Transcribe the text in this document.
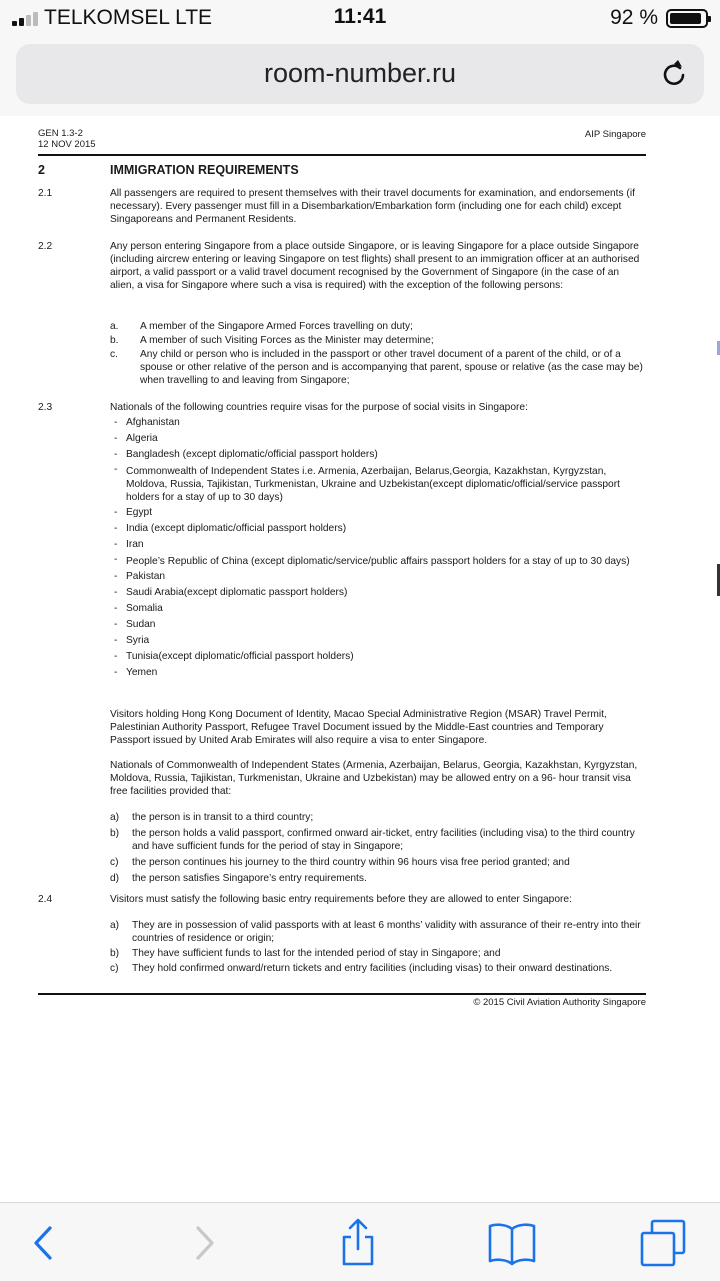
TELKOMSEL LTE	11:41	92 %
room-number.ru
GEN 1.3-2
12 NOV 2015
AIP Singapore
2	IMMIGRATION REQUIREMENTS
2.1	All passengers are required to present themselves with their travel documents for examination, and endorsements (if necessary). Every passenger must fill in a Disembarkation/Embarkation form (including one for each child) except Singaporeans and Permanent Residents.
2.2	Any person entering Singapore from a place outside Singapore, or is leaving Singapore for a place outside Singapore (including aircrew entering or leaving Singapore on test flights) shall present to an immigration officer at an authorised airport, a valid passport or a valid travel document recognised by the Government of Singapore (in the case of an alien, a visa for Singapore where such a visa is required) with the exception of the following persons:
a. A member of the Singapore Armed Forces travelling on duty;
b. A member of such Visiting Forces as the Minister may determine;
c. Any child or person who is included in the passport or other travel document of a parent of the child, or of a spouse or other relative of the person and is accompanying that parent, spouse or relative (as the case may be) when travelling to and leaving from Singapore;
2.3	Nationals of the following countries require visas for the purpose of social visits in Singapore:
- Afghanistan
- Algeria
- Bangladesh (except diplomatic/official passport holders)
- Commonwealth of Independent States i.e. Armenia, Azerbaijan, Belarus,Georgia, Kazakhstan, Kyrgyzstan, Moldova, Russia, Tajikistan, Turkmenistan, Ukraine and Uzbekistan(except diplomatic/official/service passport holders for a stay of up to 30 days)
- Egypt
- India (except diplomatic/official passport holders)
- Iran
- People’s Republic of China (except diplomatic/service/public affairs passport holders for a stay of up to 30 days)
- Pakistan
- Saudi Arabia(except diplomatic passport holders)
- Somalia
- Sudan
- Syria
- Tunisia(except diplomatic/official passport holders)
- Yemen
Visitors holding Hong Kong Document of Identity, Macao Special Administrative Region (MSAR) Travel Permit, Palestinian Authority Passport, Refugee Travel Document issued by the Middle-East countries and Temporary Passport issued by United Arab Emirates will also require a visa to enter Singapore.
Nationals of Commonwealth of Independent States (Armenia, Azerbaijan, Belarus, Georgia, Kazakhstan, Kyrgyzstan, Moldova, Russia, Tajikistan, Turkmenistan, Ukraine and Uzbekistan) may be allowed entry on a 96- hour transit visa free facilities provided that:
a) the person is in transit to a third country;
b) the person holds a valid passport, confirmed onward air-ticket, entry facilities (including visa) to the third country and have sufficient funds for the period of stay in Singapore;
c) the person continues his journey to the third country within 96 hours visa free period granted; and
d) the person satisfies Singapore’s entry requirements.
2.4	Visitors must satisfy the following basic entry requirements before they are allowed to enter Singapore:
a) They are in possession of valid passports with at least 6 months’ validity with assurance of their re-entry into their countries of residence or origin;
b) They have sufficient funds to last for the intended period of stay in Singapore; and
c) They hold confirmed onward/return tickets and entry facilities (including visas) to their onward destinations.
© 2015 Civil Aviation Authority Singapore
